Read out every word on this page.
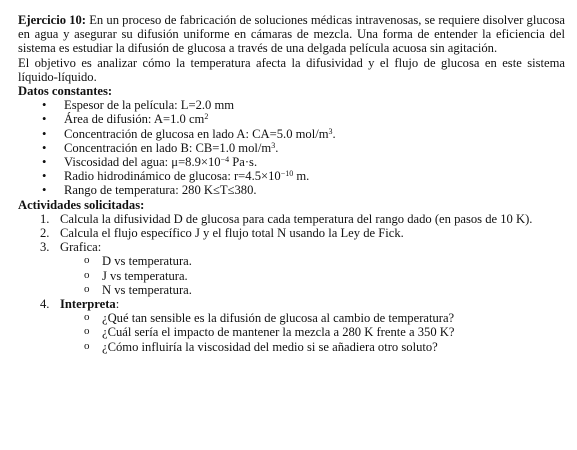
Ejercicio 10: En un proceso de fabricación de soluciones médicas intravenosas, se requiere disolver glucosa en agua y asegurar su difusión uniforme en cámaras de mezcla. Una forma de entender la eficiencia del sistema es estudiar la difusión de glucosa a través de una delgada película acuosa sin agitación.

El objetivo es analizar cómo la temperatura afecta la difusividad y el flujo de glucosa en este sistema líquido-líquido.

Datos constantes:
• Espesor de la película: L=2.0 mm
• Área de difusión: A=1.0 $cm^2$
• Concentración de glucosa en lado A: CA=5.0 mol/$m^3$.
• Concentración en lado B: CB=1.0 mol/$m^3$.
• Viscosidad del agua: $\mu=8.9\times 10^{-4}$ Pa·s.
• Radio hidrodinámico de glucosa: $r=4.5\times 10^{-10}$ m.
• Rango de temperatura: 280 K≤T≤380.
Actividades solicitadas:
1. Calcula la difusividad D de glucosa para cada temperatura del rango dado (en pasos de 10 K).
2. Calcula el flujo específico J y el flujo total N usando la Ley de Fick.
3. Grafica:
o D vs temperatura.
o J vs temperatura.
o N vs temperatura.
4. Interpreta:
o ¿Qué tan sensible es la difusión de glucosa al cambio de temperatura?
o ¿Cuál sería el impacto de mantener la mezcla a 280 K frente a 350 K?
o ¿Cómo influiría la viscosidad del medio si se añadiera otro soluto?
